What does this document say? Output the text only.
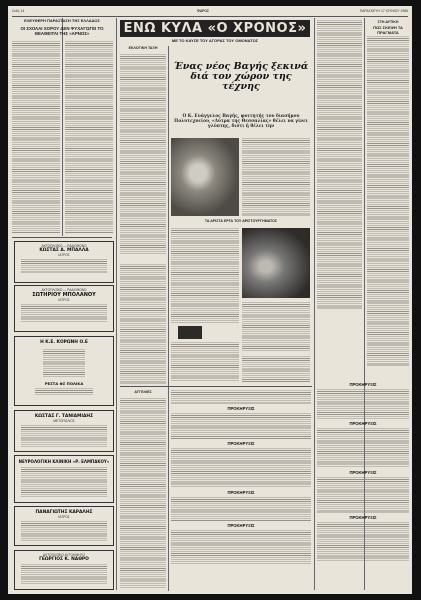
Σελίς 14	ΦΑΡΟΣ	ΠΑΡΑΣΚΕΥΗ 17 ΙΟΥΝΙΟΥ 1966
ΕΛΕΥΘΕΡΗ ΠΑΡΑΣΤΑΣΗ ΤΗΣ ΕΛΛΑΔΟΣ
ΟΙ ΣΧΟΛΑΙ ΧΟΡΟΥ ΔΕΝ ΨΥΧΑΓΩΓΕΙ ΤΟ ΘΕΑΘΕΙΤΑΙ ΤΗΣ «ΑΡΝΟΣ»
ΑΚΤΟΠΛΟΪΚΟ — ΡΑΔΙΟΦΩΝΟ
ΚΩΣΤΑΣ Δ. ΜΠΑΛΛΑ
ΙΑΤΡΟΣ
ΑΚΤΟΠΛΟΪΚΟ — ΡΑΔΙΟΦΩΝΟ
ΣΩΤΗΡΙΟΥ ΜΠΟΛΑΝΟΥ
ΙΑΤΡΟΣ
Η Κ.Ε. ΚΟΡΩΝΗ Ο.Ε
ΡΕΣΤΑ ΦΣ ΠΟΛΙΚΑ
ΚΩΣΤΑΣ Γ. ΤΑΝΙΑΜΙΔΗΣ
ΜΕΤΟΠΟΛΙΟΣ
ΝΕΥΡΟΛΟΓΙΚΗ ΚΛΙΝΙΚΗ «Ρ. ΕΛΜΠΑΚΟΥ»
ΠΑΝΑΓΙΩΤΗΣ ΚΑΡΑΛΗΣ
ΙΑΤΡΟΣ
ΑΚΤΟΠΛΟΪΚΟ ΑΥΤΟΚΙΝΗΤΟ
ΓΕΩΡΓΙΟΣ Κ. ΝΑΘΡΟ
ΕΝΩ ΚΥΛΑ «Ο ΧΡΟΝΟΣ»
ΜΕ ΤΟ ΚΑΥΣΕ ΤΟΥ ΑΓΟΡΑΣ ΤΟΥ ΟΜΟΝΑΤΟΣ
ΕΚΛΟΓΙΚΗ ΤΑΞΗ
Ένας νέος Βαγής ξεκινά διά τον χώρον της τέχνης
Ο Κ. Ευάγγελος Βαγής, φοιτητής του διασήμου Πολυτεχνείου, «Λύτρα της Θεσσαλίας» θέλει να γίνει γλύπτης, διότι ή θέλει την
ΤΑ ΑΡΙΣΤΑ ΕΡΓΑ ΤΟΥ ΑΡΙΣΤΟΥΡΓΗΜΑΤΟΣ
ΑΓΓΕΛΙΕΣ
ΠΡΟΚΗΡΥΞΙΣ
ΠΡΟΚΗΡΥΞΙΣ
ΠΡΟΚΗΡΥΞΙΣ
ΠΡΟΚΗΡΥΞΙΣ
ΣΤΗ ΔΥΤΙΚΗ
ΠΩΣ ΣΚΕΨΗ ΤΑ ΠΡΑΓΜΑΤΑ
ΠΡΟΚΗΡΥΞΙΣ
ΠΡΟΚΗΡΥΞΙΣ
ΠΡΟΚΗΡΥΞΙΣ
ΠΡΟΚΗΡΥΞΙΣ
